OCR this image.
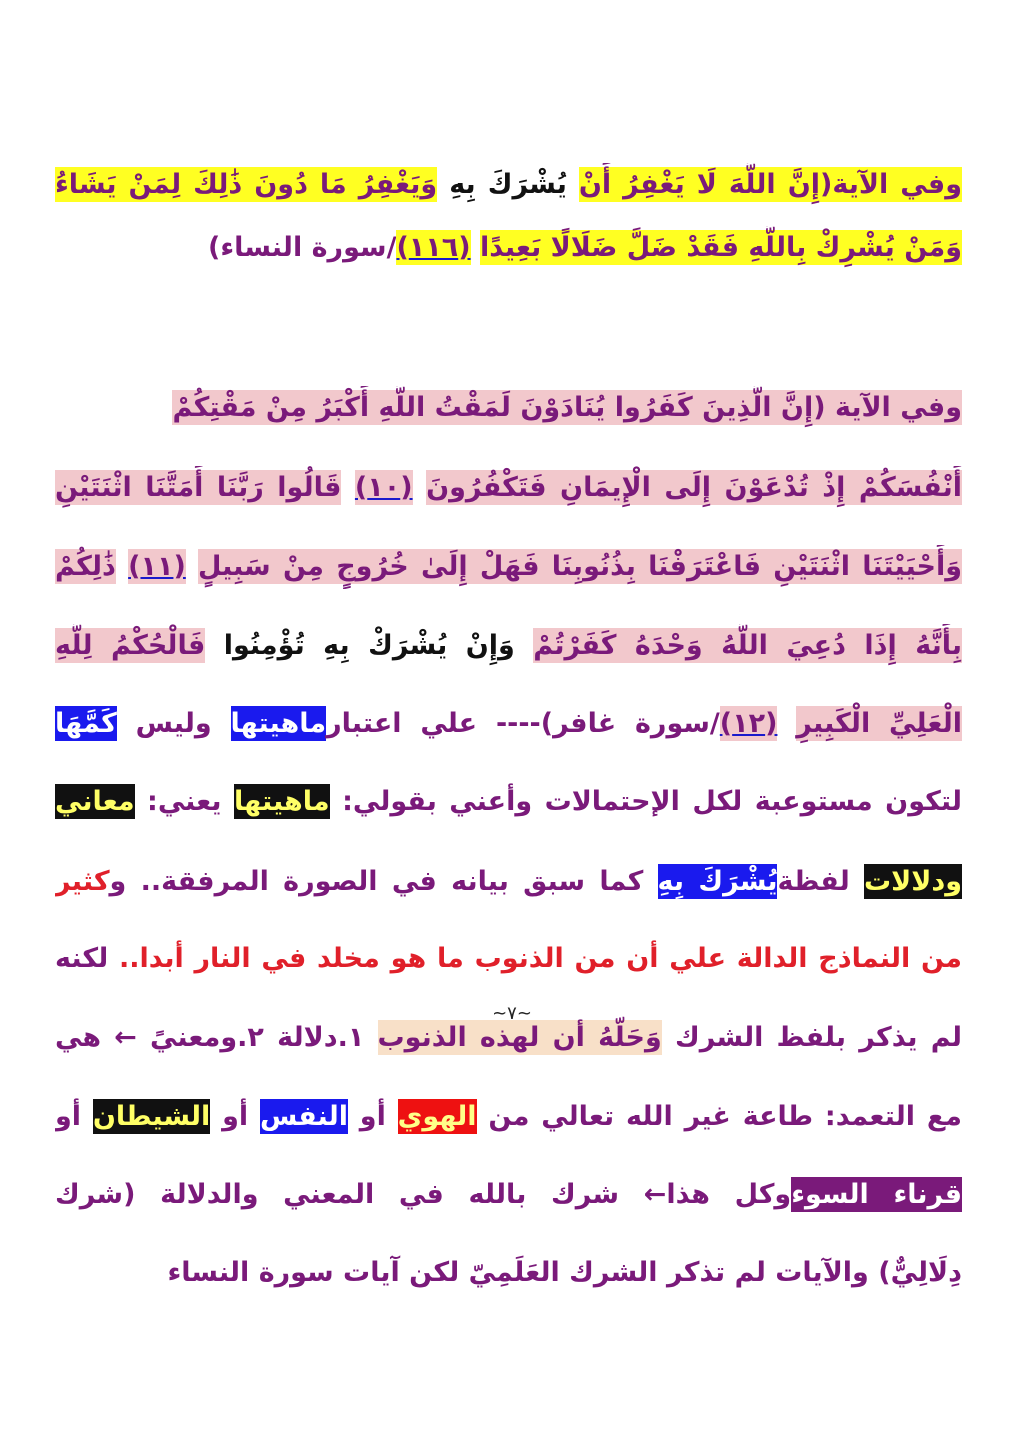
وفي الآية(إِنَّ اللَّهَ لَا يَغْفِرُ أَنْ يُشْرَكَ بِهِ وَيَغْفِرُ مَا دُونَ ذَٰلِكَ لِمَنْ يَشَاءُ
وَمَنْ يُشْرِكْ بِاللَّهِ فَقَدْ ضَلَّ ضَلَالًا بَعِيدًا (١١٦)/سورة النساء)
وفي الآية (إِنَّ الَّذِينَ كَفَرُوا يُنَادَوْنَ لَمَقْتُ اللَّهِ أَكْبَرُ مِنْ مَقْتِكُمْ
أَنْفُسَكُمْ إِذْ تُدْعَوْنَ إِلَى الْإِيمَانِ فَتَكْفُرُونَ (١٠) قَالُوا رَبَّنَا أَمَتَّنَا اثْنَتَيْنِ
وَأَحْيَيْتَنَا اثْنَتَيْنِ فَاعْتَرَفْنَا بِذُنُوبِنَا فَهَلْ إِلَىٰ خُرُوجٍ مِنْ سَبِيلٍ (١١) ذَٰلِكُمْ
بِأَنَّهُ إِذَا دُعِيَ اللَّهُ وَحْدَهُ كَفَرْتُمْ وَإِنْ يُشْرَكْ بِهِ تُؤْمِنُوا فَالْحُكْمُ لِلَّهِ
الْعَلِيِّ الْكَبِيرِ (١٢)/سورة غافر)---- علي اعتبارماهيتها وليس كَمَّهَا
لتكون مستوعبة لكل الإحتمالات وأعني بقولي: ماهيتها يعني: معاني
ودلالات لفظةيُشْرَكَ بِهِ كما سبق بيانه في الصورة المرفقة.. وكثير
من النماذج الدالة علي أن من الذنوب ما هو مخلد في النار أبدا.. لكنه
لم يذكر بلفظ الشرك وَحَلّهُ أن لهذه الذنوب ١.دلالة ٢.ومعنيً ← هي
مع التعمد: طاعة غير الله تعالي من الهوي أو النفس أو الشيطان أو
قرناء السوءوكل هذا← شرك بالله في المعني والدلالة (شرك
دِلَالِيٌّ) والآيات لم تذكر الشرك العَلَمِيّ لكن آيات سورة النساء
~٧~
